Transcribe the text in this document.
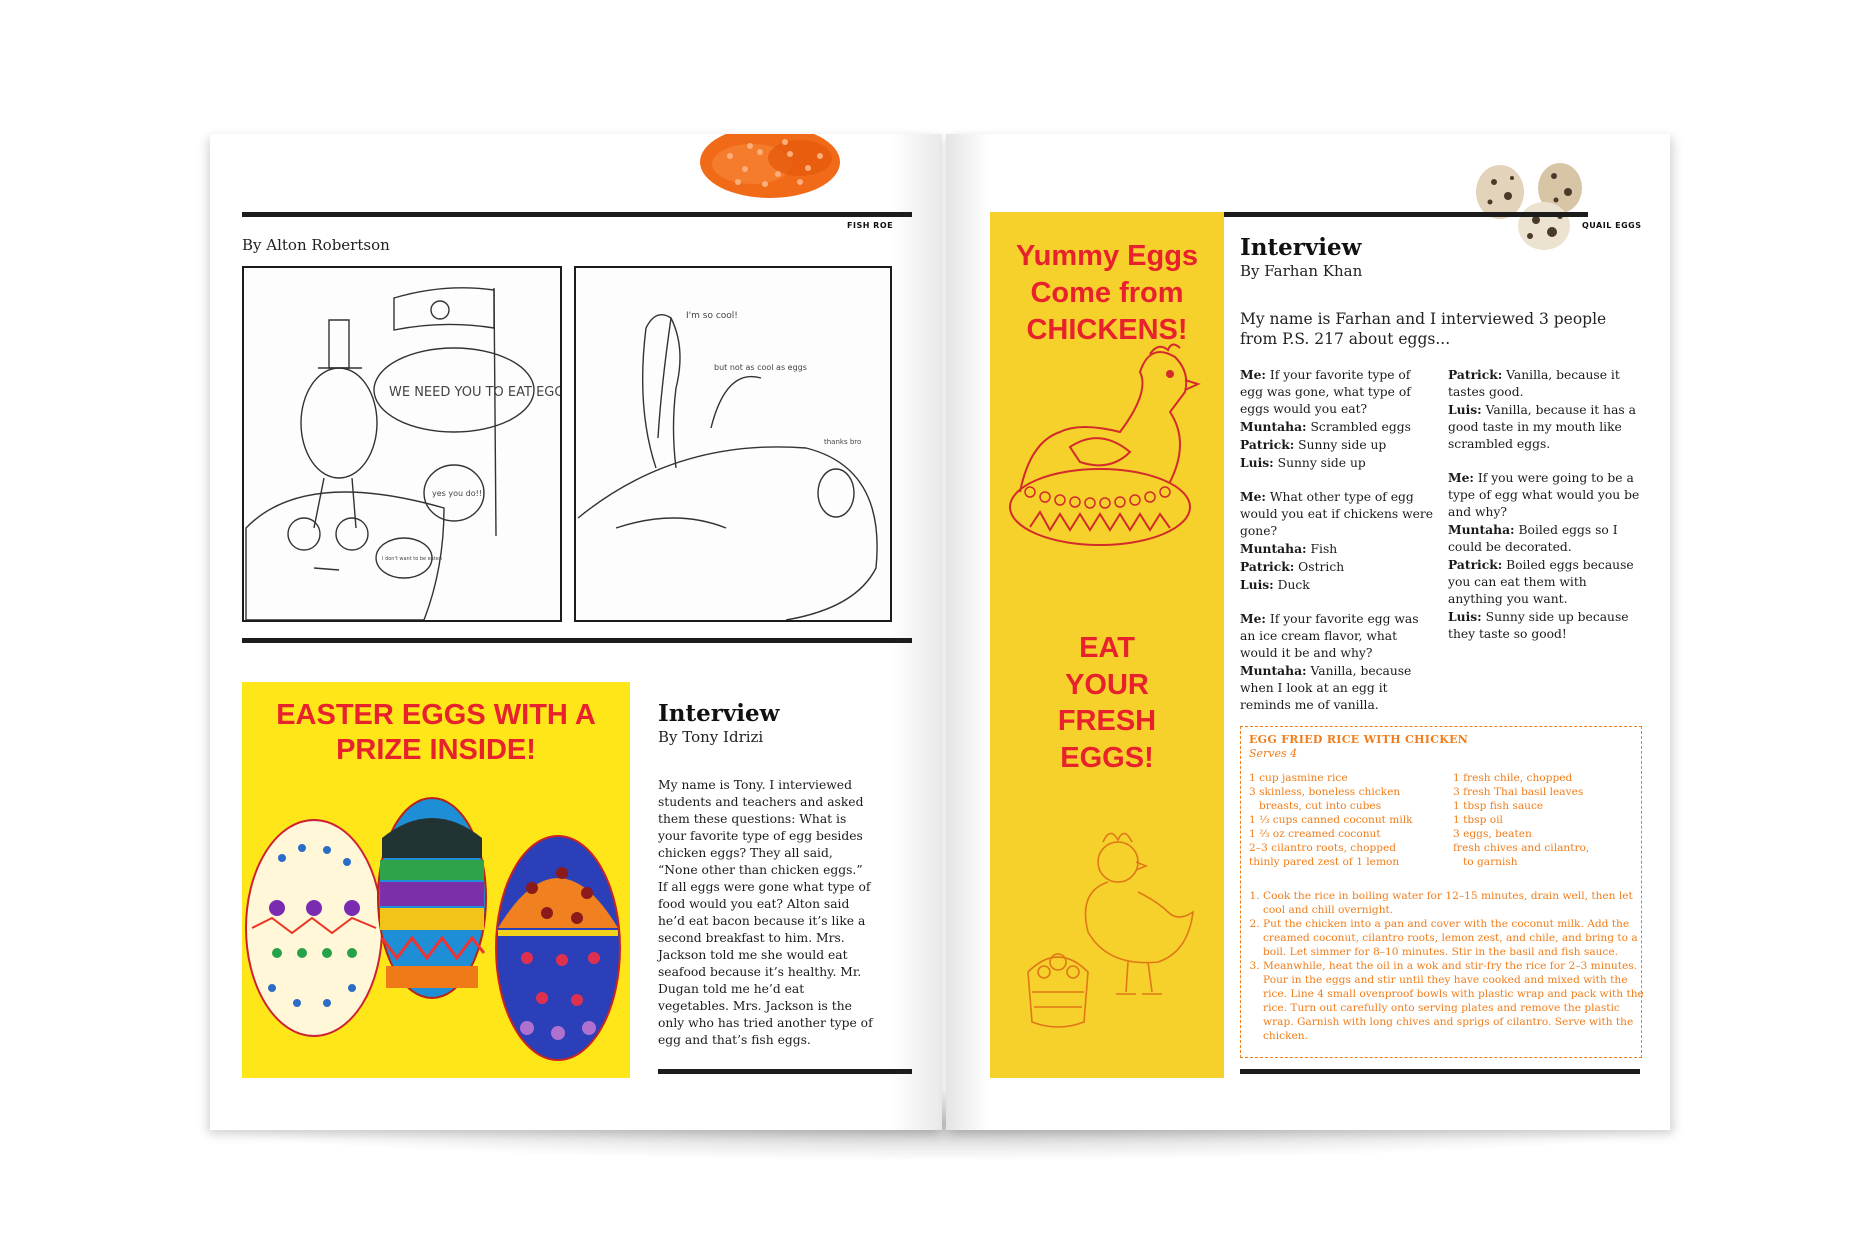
FISH ROE
By Alton Robertson
WE NEED YOU TO EAT EGGS
yes you do!!!
I don't want to be eaten
I'm so cool!
but not as cool as eggs
thanks bro
EASTER EGGS WITH A PRIZE INSIDE!
Interview
By Tony Idrizi
My name is Tony. I interviewed students and teachers and asked them these questions: What is your favorite type of egg besides chicken eggs? They all said, “None other than chicken eggs.” If all eggs were gone what type of food would you eat? Alton said he’d eat bacon because it’s like a second breakfast to him. Mrs. Jackson told me she would eat seafood because it’s healthy. Mr. Dugan told me he’d eat vegetables. Mrs. Jackson is the only who has tried another type of egg and that’s fish eggs.
QUAIL EGGS
Yummy Eggs Come from CHICKENS!
EAT YOUR FRESH EGGS!
Interview
By Farhan Khan
My name is Farhan and I interviewed 3 people from P.S. 217 about eggs...

Me: If your favorite type of egg was gone, what type of eggs would you eat?
Muntaha: Scrambled eggs
Patrick: Sunny side up
Luis: Sunny side up

Me: What other type of egg would you eat if chickens were gone?
Muntaha: Fish
Patrick: Ostrich
Luis: Duck

Me: If your favorite egg was an ice cream flavor, what would it be and why?
Muntaha: Vanilla, because when I look at an egg it reminds me of vanilla.

Patrick: Vanilla, because it tastes good.
Luis: Vanilla, because it has a good taste in my mouth like scrambled eggs.

Me: If you were going to be a type of egg what would you be and why?
Muntaha: Boiled eggs so I could be decorated.
Patrick: Boiled eggs because you can eat them with anything you want.
Luis: Sunny side up because they taste so good!

EGG FRIED RICE WITH CHICKEN
Serves 4
1 cup jasmine rice
3 skinless, boneless chicken
breasts, cut into cubes
1 ⅓ cups canned coconut milk
1 ⅔ oz creamed coconut
2–3 cilantro roots, chopped
thinly pared zest of 1 lemon
1 fresh chile, chopped
3 fresh Thai basil leaves
1 tbsp fish sauce
1 tbsp oil
3 eggs, beaten
fresh chives and cilantro,
to garnish
1. Cook the rice in boiling water for 12–15 minutes, drain well, then let cool and chill overnight.
2. Put the chicken into a pan and cover with the coconut milk. Add the creamed coconut, cilantro roots, lemon zest, and chile, and bring to a boil. Let simmer for 8–10 minutes. Stir in the basil and fish sauce.
3. Meanwhile, heat the oil in a wok and stir-fry the rice for 2–3 minutes. Pour in the eggs and stir until they have cooked and mixed with the rice. Line 4 small ovenproof bowls with plastic wrap and pack with the rice. Turn out carefully onto serving plates and remove the plastic wrap. Garnish with long chives and sprigs of cilantro. Serve with the chicken.
